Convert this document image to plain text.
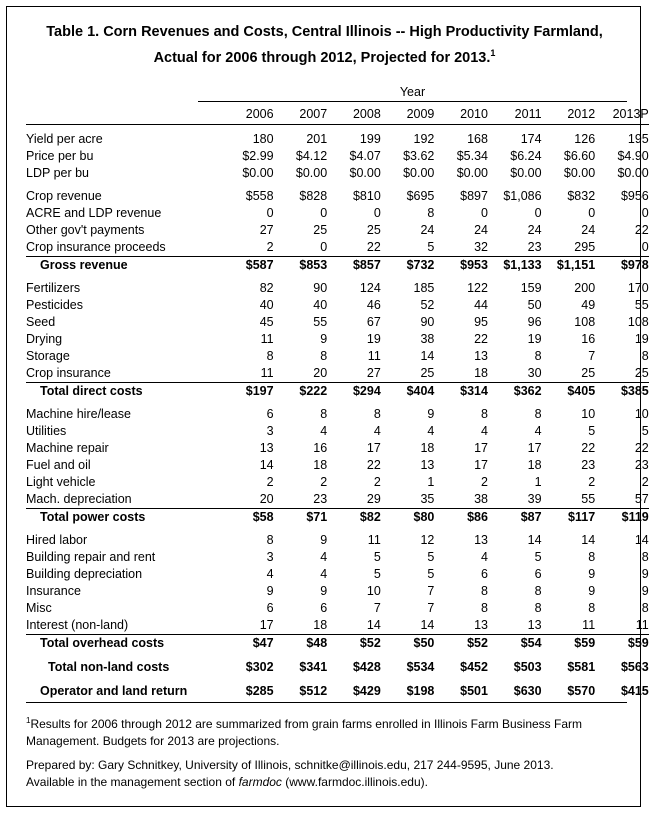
Table 1. Corn Revenues and Costs, Central Illinois -- High Productivity Farmland,
Actual for 2006 through 2012, Projected for 2013.$^1$
Year
	2006	2007	2008	2009	2010	2011	2012	2013P

Yield per acre	180	201	199	192	168	174	126	195
Price per bu	$2.99	$4.12	$4.07	$3.62	$5.34	$6.24	$6.60	$4.90
LDP per bu	$0.00	$0.00	$0.00	$0.00	$0.00	$0.00	$0.00	$0.00

Crop revenue	$558	$828	$810	$695	$897	$1,086	$832	$956
ACRE and LDP revenue	0	0	0	8	0	0	0	0
Other gov't payments	27	25	25	24	24	24	24	22
Crop insurance proceeds	2	0	22	5	32	23	295	0
Gross revenue	$587	$853	$857	$732	$953	$1,133	$1,151	$978

Fertilizers	82	90	124	185	122	159	200	170
Pesticides	40	40	46	52	44	50	49	55
Seed	45	55	67	90	95	96	108	108
Drying	11	9	19	38	22	19	16	19
Storage	8	8	11	14	13	8	7	8
Crop insurance	11	20	27	25	18	30	25	25
Total direct costs	$197	$222	$294	$404	$314	$362	$405	$385

Machine hire/lease	6	8	8	9	8	8	10	10
Utilities	3	4	4	4	4	4	5	5
Machine repair	13	16	17	18	17	17	22	22
Fuel and oil	14	18	22	13	17	18	23	23
Light vehicle	2	2	2	1	2	1	2	2
Mach. depreciation	20	23	29	35	38	39	55	57
Total power costs	$58	$71	$82	$80	$86	$87	$117	$119

Hired labor	8	9	11	12	13	14	14	14
Building repair and rent	3	4	5	5	4	5	8	8
Building depreciation	4	4	5	5	6	6	9	9
Insurance	9	9	10	7	8	8	9	9
Misc	6	6	7	7	8	8	8	8
Interest (non-land)	17	18	14	14	13	13	11	11
Total overhead costs	$47	$48	$52	$50	$52	$54	$59	$59

Total non-land costs	$302	$341	$428	$534	$452	$503	$581	$563

Operator and land return	$285	$512	$429	$198	$501	$630	$570	$415
$^1$Results for 2006 through 2012 are summarized from grain farms enrolled in Illinois Farm Business Farm
Management. Budgets for 2013 are projections.
Prepared by: Gary Schnitkey, University of Illinois, schnitke@illinois.edu, 217 244-9595, June 2013.
Available in the management section of farmdoc (www.farmdoc.illinois.edu).
